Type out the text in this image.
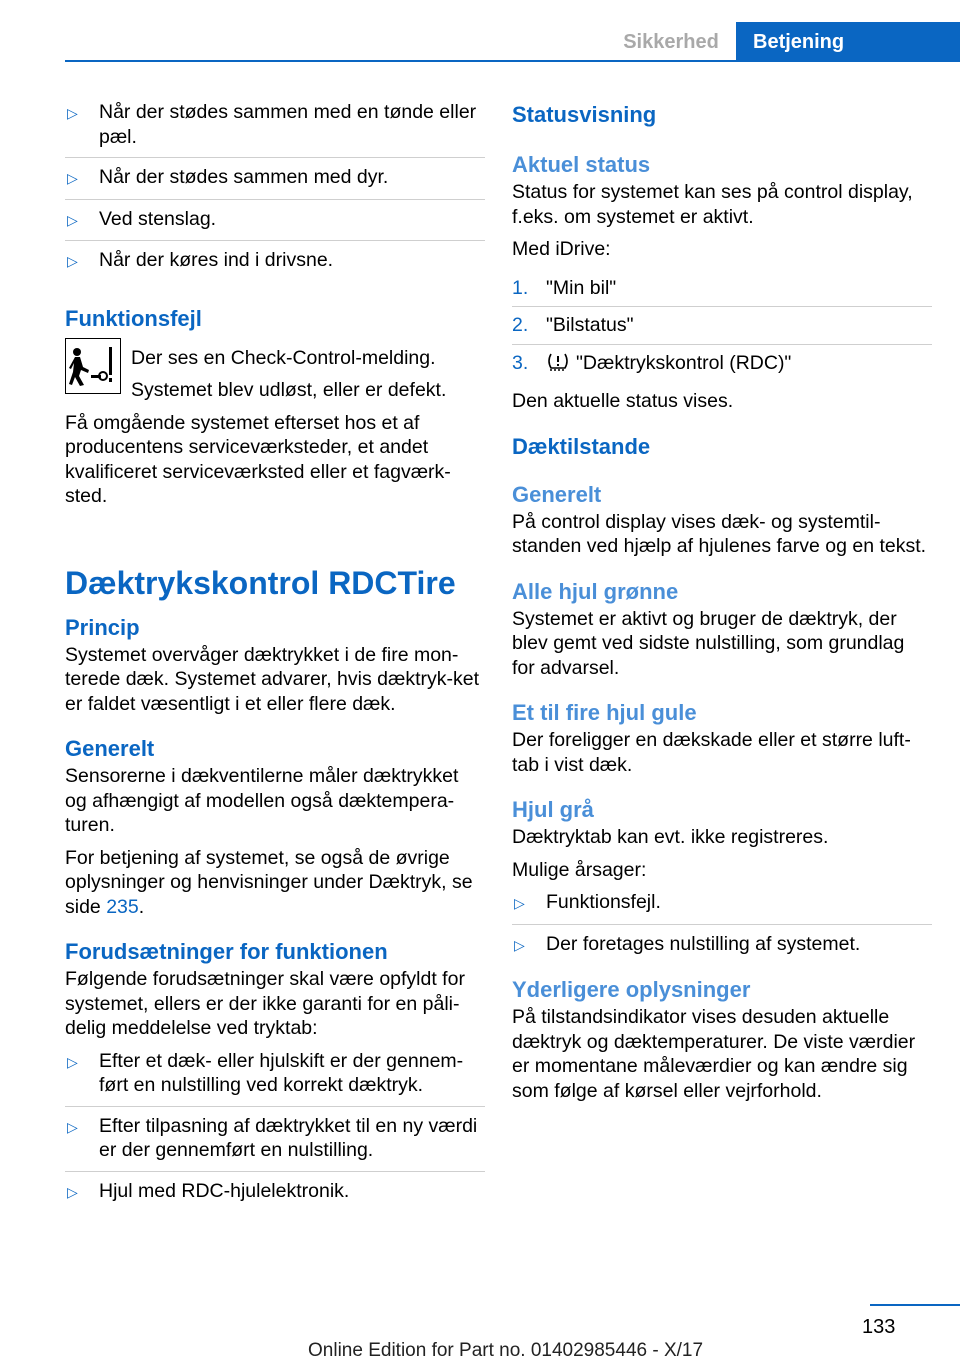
Sikkerhed	Betjening
▷	Når der stødes sammen med en tønde eller pæl.
▷	Når der stødes sammen med dyr.
▷	Ved stenslag.
▷	Når der køres ind i drivsne.
Funktionsfejl

Der ses en Check-Control-melding.

Systemet blev udløst, eller er defekt.

Få omgående systemet efterset hos et af producentens serviceværksteder, et andet kvalificeret serviceværksted eller et fagværk-sted.

Dæktrykskontrol RDCTire
Princip

Systemet overvåger dæktrykket i de fire mon-terede dæk. Systemet advarer, hvis dæktryk-ket er faldet væsentligt i et eller flere dæk.

Generelt

Sensorerne i dækventilerne måler dæktrykket og afhængigt af modellen også dæktempera-turen.

For betjening af systemet, se også de øvrige oplysninger og henvisninger under Dæktryk, se side 235.

Forudsætninger for funktionen

Følgende forudsætninger skal være opfyldt for systemet, ellers er der ikke garanti for en påli-delig meddelelse ved tryktab:

▷	Efter et dæk- eller hjulskift er der gennem-ført en nulstilling ved korrekt dæktryk.
▷	Efter tilpasning af dæktrykket til en ny værdi er der gennemført en nulstilling.
▷	Hjul med RDC-hjulelektronik.
Statusvisning
Aktuel status

Status for systemet kan ses på control display, f.eks. om systemet er aktivt.

Med iDrive:

1. "Min bil"
2. "Bilstatus"
3.	"Dæktrykskontrol (RDC)"

Den aktuelle status vises.

Dæktilstande
Generelt

På control display vises dæk- og systemtil-standen ved hjælp af hjulenes farve og en tekst.

Alle hjul grønne

Systemet er aktivt og bruger de dæktryk, der blev gemt ved sidste nulstilling, som grundlag for advarsel.

Et til fire hjul gule

Der foreligger en dækskade eller et større luft-tab i vist dæk.

Hjul grå

Dæktryktab kan evt. ikke registreres.

Mulige årsager:

▷	Funktionsfejl.
▷	Der foretages nulstilling af systemet.
Yderligere oplysninger

På tilstandsindikator vises desuden aktuelle dæktryk og dæktemperaturer. De viste værdier er momentane måleværdier og kan ændre sig som følge af kørsel eller vejrforhold.

133
Online Edition for Part no. 01402985446 - X/17
